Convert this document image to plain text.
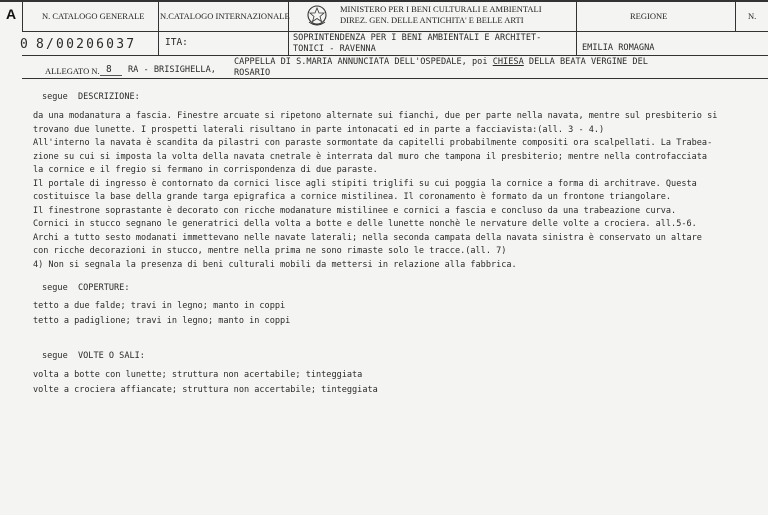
A	N. CATALOGO GENERALE N.CATALOGO INTERNAZIONALE
MINISTERO PER I BENI CULTURALI E AMBIENTALI
DIREZ. GEN. DELLE ANTICHITA' E BELLE ARTI	REGIONE	N.
0 8/00206037	ITA:	SOPRINTENDENZA PER I BENI AMBIENTALI E ARCHITET-
TONICI - RAVENNA	EMILIA ROMAGNA
ALLEGATO N. 8 RA - BRISIGHELLA,
CAPPELLA DI S.MARIA ANNUNCIATA DELL'OSPEDALE, poi CHIESA DELLA BEATA VERGINE DEL
ROSARIO
segue  DESCRIZIONE:
da una modanatura a fascia. Finestre arcuate si ripetono alternate sui fianchi, due per parte nella navata, mentre sul presbiterio si
trovano due lunette. I prospetti laterali risultano in parte intonacati ed in parte a facciavista:(all. 3 - 4.)
All'interno la navata è scandita da pilastri con paraste sormontate da capitelli probabilmente compositi ora scalpellati. La Trabea-
zione su cui si imposta la volta della navata cnetrale è interrata dal muro che tampona il presbiterio; mentre nella controfacciata
la cornice e il fregio si fermano in corrispondenza di due paraste.
Il portale di ingresso è contornato da cornici lisce agli stipiti triglifi su cui poggia la cornice a forma di architrave. Questa
costituisce la base della grande targa epigrafica a cornice mistilinea. Il coronamento è formato da un frontone triangolare.
Il finestrone soprastante è decorato con ricche modanature mistilinee e cornici a fascia e concluso da una trabeazione curva.
Cornici in stucco segnano le generatrici della volta a botte e delle lunette nonchè le nervature delle volte a crociera. all.5-6.
Archi a tutto sesto modanati immettevano nelle navate laterali; nella seconda campata della navata sinistra è conservato un altare
con ricche decorazioni in stucco, mentre nella prima ne sono rimaste solo le tracce.(all. 7)
4) Non si segnala la presenza di beni culturali mobili da mettersi in relazione alla fabbrica.
segue  COPERTURE:
tetto a due falde; travi in legno; manto in coppi
tetto a padiglione; travi in legno; manto in coppi
segue  VOLTE O SALI:
volta a botte con lunette; struttura non acertabile; tinteggiata
volte a crociera affiancate; struttura non accertabile; tinteggiata
